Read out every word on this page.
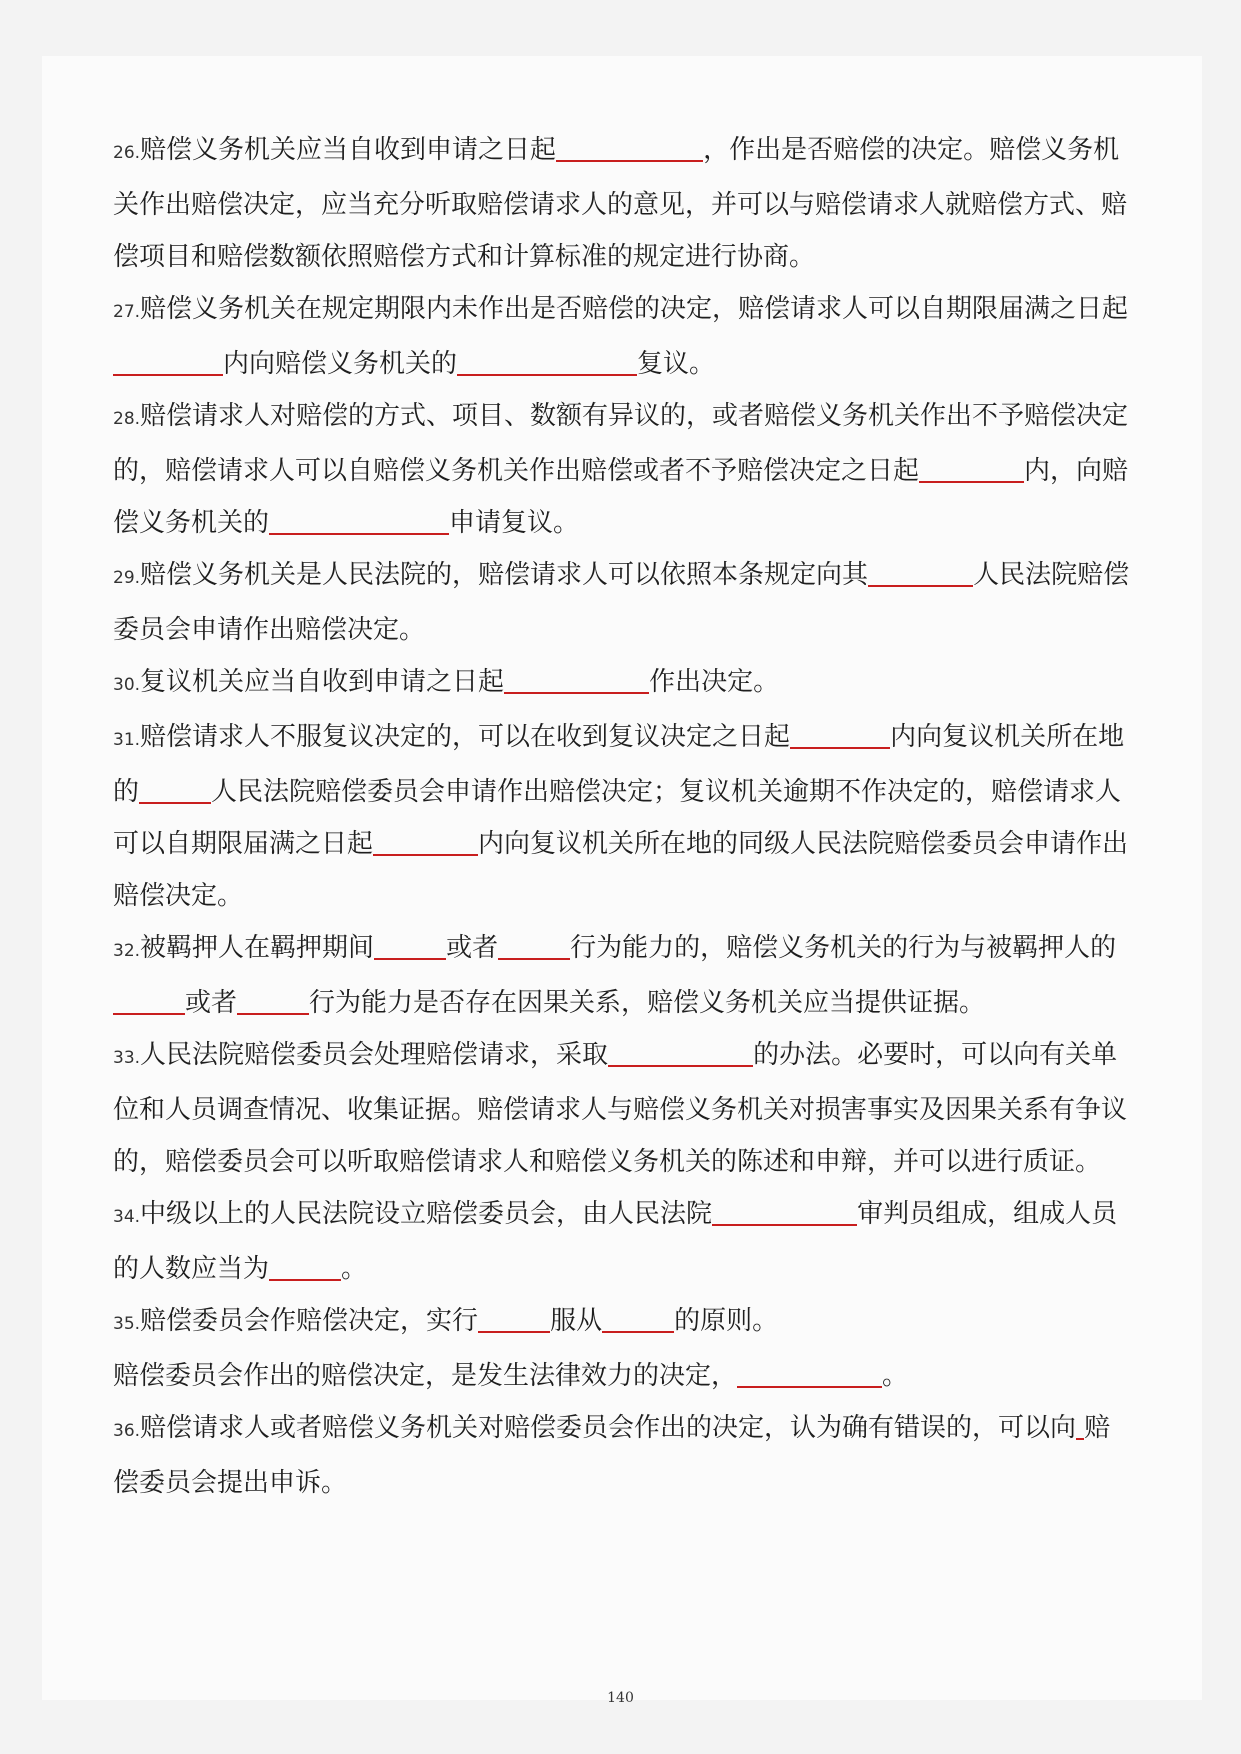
26.赔偿义务机关应当自收到申请之日起	，作出是否赔偿的决定。赔偿义务机关作出赔偿决定，应当充分听取赔偿请求人的意见，并可以与赔偿请求人就赔偿方式、赔偿项目和赔偿数额依照赔偿方式和计算标准的规定进行协商。

27.赔偿义务机关在规定期限内未作出是否赔偿的决定，赔偿请求人可以自期限届满之日起内向赔偿义务机关的	复议。

28.赔偿请求人对赔偿的方式、项目、数额有异议的，或者赔偿义务机关作出不予赔偿决定的，赔偿请求人可以自赔偿义务机关作出赔偿或者不予赔偿决定之日起	内，向赔偿义务机关的	申请复议。

29.赔偿义务机关是人民法院的，赔偿请求人可以依照本条规定向其	人民法院赔偿委员会申请作出赔偿决定。

30.复议机关应当自收到申请之日起	作出决定。

31.赔偿请求人不服复议决定的，可以在收到复议决定之日起	内向复议机关所在地的	人民法院赔偿委员会申请作出赔偿决定；复议机关逾期不作决定的，赔偿请求人可以自期限届满之日起	内向复议机关所在地的同级人民法院赔偿委员会申请作出赔偿决定。

32.被羁押人在羁押期间	或者	行为能力的，赔偿义务机关的行为与被羁押人的或者	行为能力是否存在因果关系，赔偿义务机关应当提供证据。

33.人民法院赔偿委员会处理赔偿请求，采取	的办法。必要时，可以向有关单位和人员调查情况、收集证据。赔偿请求人与赔偿义务机关对损害事实及因果关系有争议的，赔偿委员会可以听取赔偿请求人和赔偿义务机关的陈述和申辩，并可以进行质证。

34.中级以上的人民法院设立赔偿委员会，由人民法院	审判员组成，组成人员的人数应当为	。

35.赔偿委员会作赔偿决定，实行	服从	的原则。

赔偿委员会作出的赔偿决定，是发生法律效力的决定，	。

36.赔偿请求人或者赔偿义务机关对赔偿委员会作出的决定，认为确有错误的，可以向 赔偿委员会提出申诉。

140
